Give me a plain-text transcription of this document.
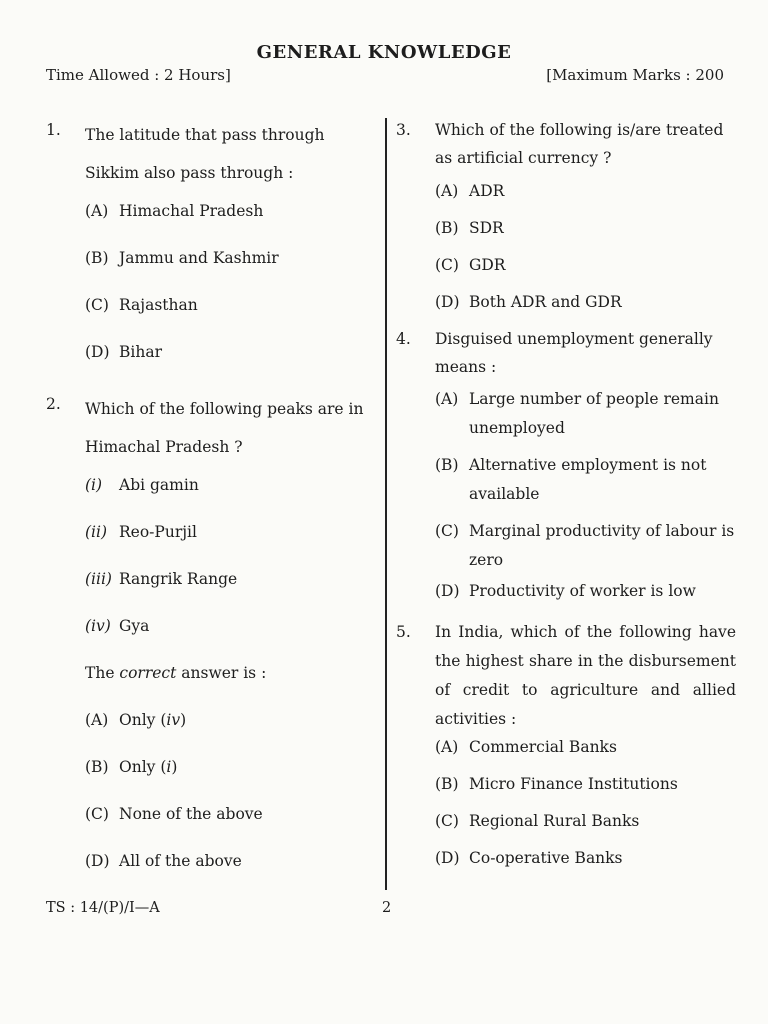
GENERAL KNOWLEDGE
Time Allowed : 2 Hours]	[Maximum Marks : 200
1. The latitude that pass through Sikkim also pass through :
(A) Himachal Pradesh
(B) Jammu and Kashmir
(C) Rajasthan
(D) Bihar
2. Which of the following peaks are in Himachal Pradesh ?
(i) Abi gamin
(ii) Reo-Purjil
(iii) Rangrik Range
(iv) Gya
The correct answer is :
(A) Only (iv)
(B) Only (i)
(C) None of the above
(D) All of the above
3. Which of the following is/are treated as artificial currency ?
(A) ADR
(B) SDR
(C) GDR
(D) Both ADR and GDR
4. Disguised unemployment generally means :
(A) Large number of people remain unemployed
(B) Alternative employment is not available
(C) Marginal productivity of labour is zero
(D) Productivity of worker is low
5. In India, which of the following have the highest share in the disbursement of credit to agriculture and allied activities :
(A) Commercial Banks
(B) Micro Finance Institutions
(C) Regional Rural Banks
(D) Co-operative Banks
TS : 14/(P)/I—A	2
